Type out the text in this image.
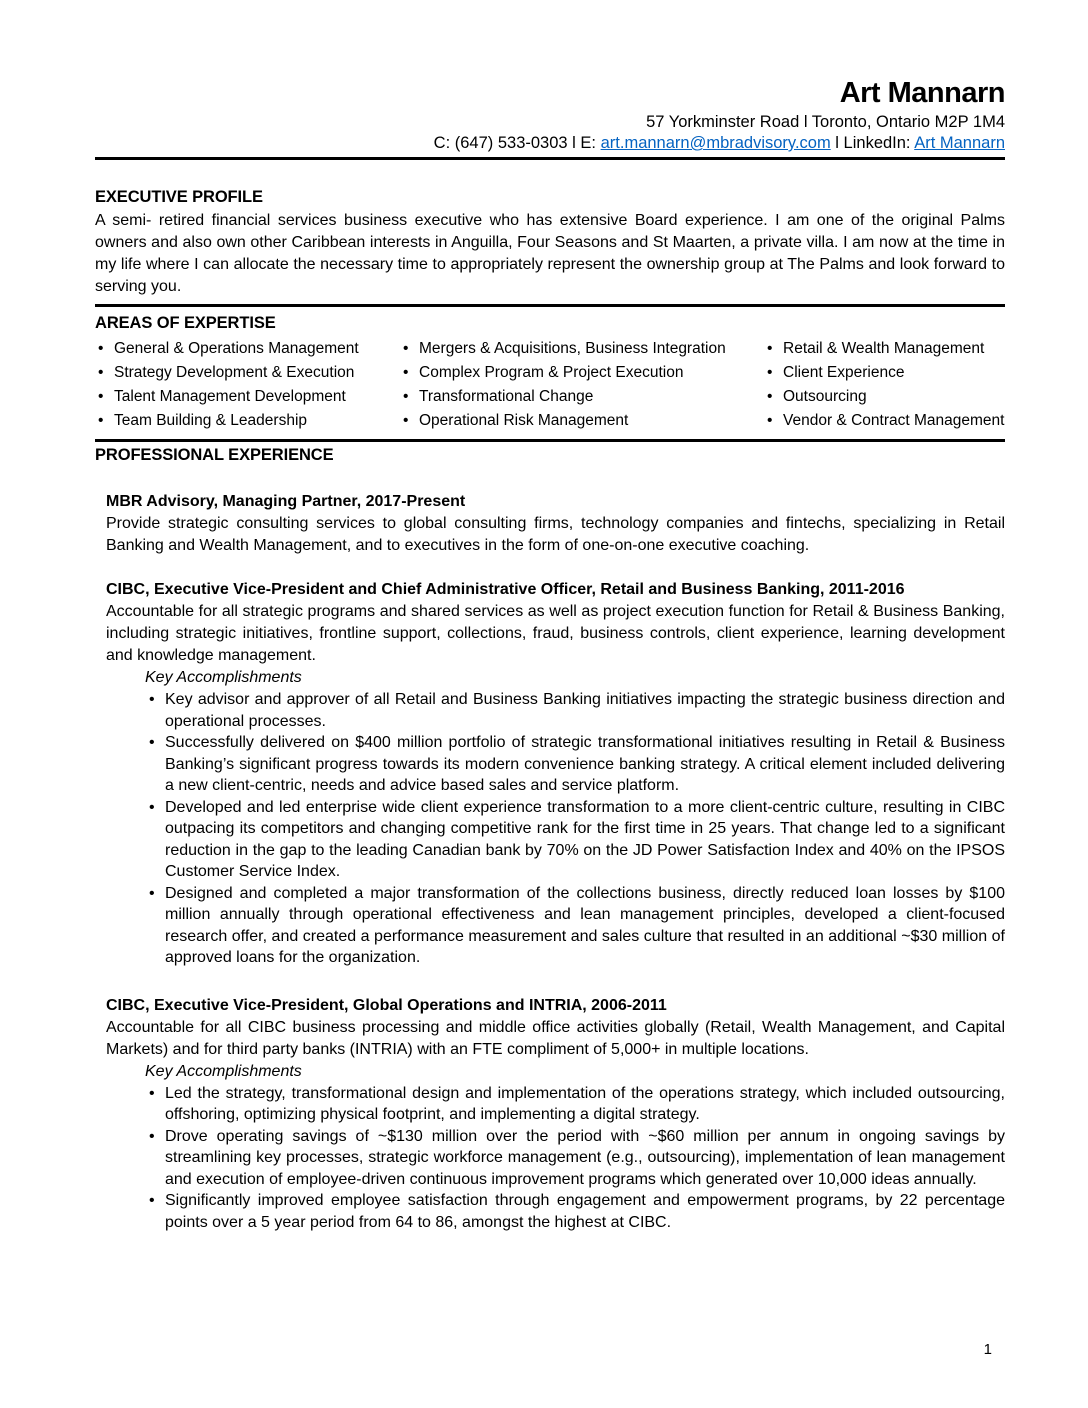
Art Mannarn
57 Yorkminster Road l Toronto, Ontario M2P 1M4
C: (647) 533-0303 l E: art.mannarn@mbradvisory.com l LinkedIn: Art Mannarn
EXECUTIVE PROFILE
A semi- retired financial services business executive who has extensive Board experience. I am one of the original Palms owners and also own other Caribbean interests in Anguilla, Four Seasons and St Maarten, a private villa. I am now at the time in my life where I can allocate the necessary time to appropriately represent the ownership group at The Palms and look forward to serving you.
AREAS OF EXPERTISE
• General & Operations Management
• Strategy Development & Execution
• Talent Management Development
• Team Building & Leadership
• Mergers & Acquisitions, Business Integration
• Complex Program & Project Execution
• Transformational Change
• Operational Risk Management
• Retail & Wealth Management
• Client Experience
• Outsourcing
• Vendor & Contract Management
PROFESSIONAL EXPERIENCE
MBR Advisory, Managing Partner, 2017-Present
Provide strategic consulting services to global consulting firms, technology companies and fintechs, specializing in Retail Banking and Wealth Management, and to executives in the form of one-on-one executive coaching.
CIBC, Executive Vice-President and Chief Administrative Officer, Retail and Business Banking, 2011-2016
Accountable for all strategic programs and shared services as well as project execution function for Retail & Business Banking, including strategic initiatives, frontline support, collections, fraud, business controls, client experience, learning development and knowledge management.
Key Accomplishments
• Key advisor and approver of all Retail and Business Banking initiatives impacting the strategic business direction and operational processes.
• Successfully delivered on $400 million portfolio of strategic transformational initiatives resulting in Retail & Business Banking’s significant progress towards its modern convenience banking strategy. A critical element included delivering a new client-centric, needs and advice based sales and service platform.
• Developed and led enterprise wide client experience transformation to a more client-centric culture, resulting in CIBC outpacing its competitors and changing competitive rank for the first time in 25 years. That change led to a significant reduction in the gap to the leading Canadian bank by 70% on the JD Power Satisfaction Index and 40% on the IPSOS Customer Service Index.
• Designed and completed a major transformation of the collections business, directly reduced loan losses by $100 million annually through operational effectiveness and lean management principles, developed a client-focused research offer, and created a performance measurement and sales culture that resulted in an additional ~$30 million of approved loans for the organization.
CIBC, Executive Vice-President, Global Operations and INTRIA, 2006-2011
Accountable for all CIBC business processing and middle office activities globally (Retail, Wealth Management, and Capital Markets) and for third party banks (INTRIA) with an FTE compliment of 5,000+ in multiple locations.
Key Accomplishments
• Led the strategy, transformational design and implementation of the operations strategy, which included outsourcing, offshoring, optimizing physical footprint, and implementing a digital strategy.
• Drove operating savings of ~$130 million over the period with ~$60 million per annum in ongoing savings by streamlining key processes, strategic workforce management (e.g., outsourcing), implementation of lean management and execution of employee-driven continuous improvement programs which generated over 10,000 ideas annually.
• Significantly improved employee satisfaction through engagement and empowerment programs, by 22 percentage points over a 5 year period from 64 to 86, amongst the highest at CIBC.
1
